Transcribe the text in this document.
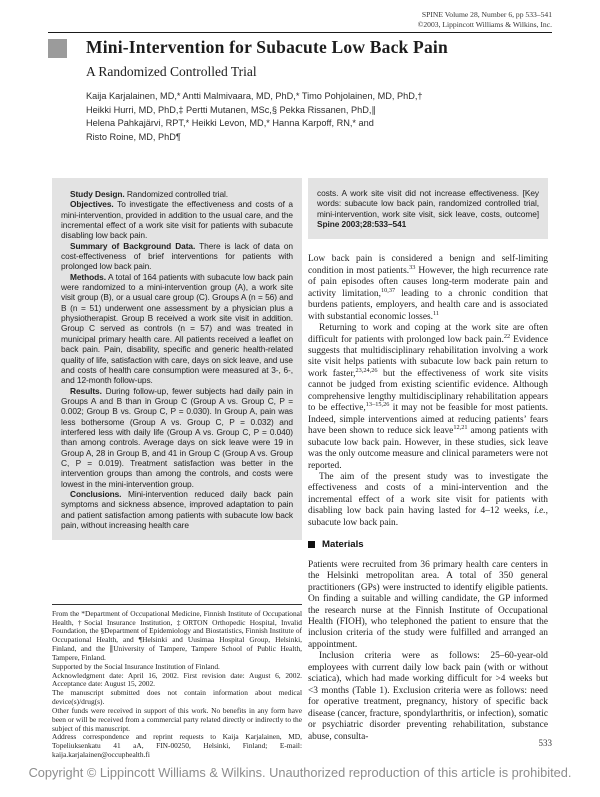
SPINE Volume 28, Number 6, pp 533–541
©2003, Lippincott Williams & Wilkins, Inc.
Mini-Intervention for Subacute Low Back Pain
A Randomized Controlled Trial
Kaija Karjalainen, MD,* Antti Malmivaara, MD, PhD,* Timo Pohjolainen, MD, PhD,†
Heikki Hurri, MD, PhD,‡ Pertti Mutanen, MSc,§ Pekka Rissanen, PhD,∥
Helena Pahkajärvi, RPT,* Heikki Levon, MD,* Hanna Karpoff, RN,* and
Risto Roine, MD, PhD¶

Study Design. Randomized controlled trial.

Objectives. To investigate the effectiveness and costs of a mini-intervention, provided in addition to the usual care, and the incremental effect of a work site visit for patients with subacute disabling low back pain.

Summary of Background Data. There is lack of data on cost-effectiveness of brief interventions for patients with prolonged low back pain.

Methods. A total of 164 patients with subacute low back pain were randomized to a mini-intervention group (A), a work site visit group (B), or a usual care group (C). Groups A (n = 56) and B (n = 51) underwent one assessment by a physician plus a physiotherapist. Group B received a work site visit in addition. Group C served as controls (n = 57) and was treated in municipal primary health care. All patients received a leaflet on back pain. Pain, disability, specific and generic health-related quality of life, satisfaction with care, days on sick leave, and use and costs of health care consumption were measured at 3-, 6-, and 12-month follow-ups.

Results. During follow-up, fewer subjects had daily pain in Groups A and B than in Group C (Group A vs. Group C, P = 0.002; Group B vs. Group C, P = 0.030). In Group A, pain was less bothersome (Group A vs. Group C, P = 0.032) and interfered less with daily life (Group A vs. Group C, P = 0.040) than among controls. Average days on sick leave were 19 in Group A, 28 in Group B, and 41 in Group C (Group A vs. Group C, P = 0.019). Treatment satisfaction was better in the intervention groups than among the controls, and costs were lowest in the mini-intervention group.

Conclusions. Mini-intervention reduced daily back pain symptoms and sickness absence, improved adaptation to pain and patient satisfaction among patients with subacute low back pain, without increasing health care

From the *Department of Occupational Medicine, Finnish Institute of Occupational Health, †Social Insurance Institution, ‡ORTON Orthopedic Hospital, Invalid Foundation, the §Department of Epidemiology and Biostatistics, Finnish Institute of Occupational Health, and ¶Helsinki and Uusimaa Hospital Group, Helsinki, Finland, and the ∥University of Tampere, Tampere School of Public Health, Tampere, Finland.

Supported by the Social Insurance Institution of Finland.

Acknowledgment date: April 16, 2002. First revision date: August 6, 2002. Acceptance date: August 15, 2002.

The manuscript submitted does not contain information about medical device(s)/drug(s).

Other funds were received in support of this work. No benefits in any form have been or will be received from a commercial party related directly or indirectly to the subject of this manuscript.

Address correspondence and reprint requests to Kaija Karjalainen, MD, Topeliuksenkatu 41 aA, FIN-00250, Helsinki, Finland; E-mail: kaija.karjalainen@occuphealth.fi

costs. A work site visit did not increase effectiveness. [Key words: subacute low back pain, randomized controlled trial, mini-intervention, work site visit, sick leave, costs, outcome] Spine 2003;28:533–541

Low back pain is considered a benign and self-limiting condition in most patients.$^{33}$ However, the high recurrence rate of pain episodes often causes long-term moderate pain and activity limitation,$^{10,37}$ leading to a chronic condition that burdens patients, employers, and health care and is associated with substantial economic losses.$^{11}$

Returning to work and coping at the work site are often difficult for patients with prolonged low back pain.$^{22}$ Evidence suggests that multidisciplinary rehabilitation involving a work site visit helps patients with subacute low back pain return to work faster,$^{23,24,26}$ but the effectiveness of work site visits cannot be judged from existing scientific evidence. Although comprehensive lengthy multidisciplinary rehabilitation appears to be effective,$^{13-15,26}$ it may not be feasible for most patients. Indeed, simple interventions aimed at reducing patients’ fears have been shown to reduce sick leave$^{12,21}$ among patients with subacute low back pain. However, in these studies, sick leave was the only outcome measure and clinical parameters were not reported.

The aim of the present study was to investigate the effectiveness and costs of a mini-intervention and the incremental effect of a work site visit for patients with disabling low back pain having lasted for 4–12 weeks, i.e., subacute low back pain.

Materials

Patients were recruited from 36 primary health care centers in the Helsinki metropolitan area. A total of 350 general practitioners (GPs) were instructed to identify eligible patients. On finding a suitable and willing candidate, the GP informed the research nurse at the Finnish Institute of Occupational Health (FIOH), who telephoned the patient to ensure that the inclusion criteria of the study were fulfilled and arranged an appointment.

Inclusion criteria were as follows: 25–60-year-old employees with current daily low back pain (with or without sciatica), which had made working difficult for >4 weeks but <3 months (Table 1). Exclusion criteria were as follows: need for operative treatment, pregnancy, history of specific back disease (cancer, fracture, spondylarthritis, or infection), somatic or psychiatric disorder preventing rehabilitation, substance abuse, consulta-

533
Copyright © Lippincott Williams & Wilkins. Unauthorized reproduction of this article is prohibited.
